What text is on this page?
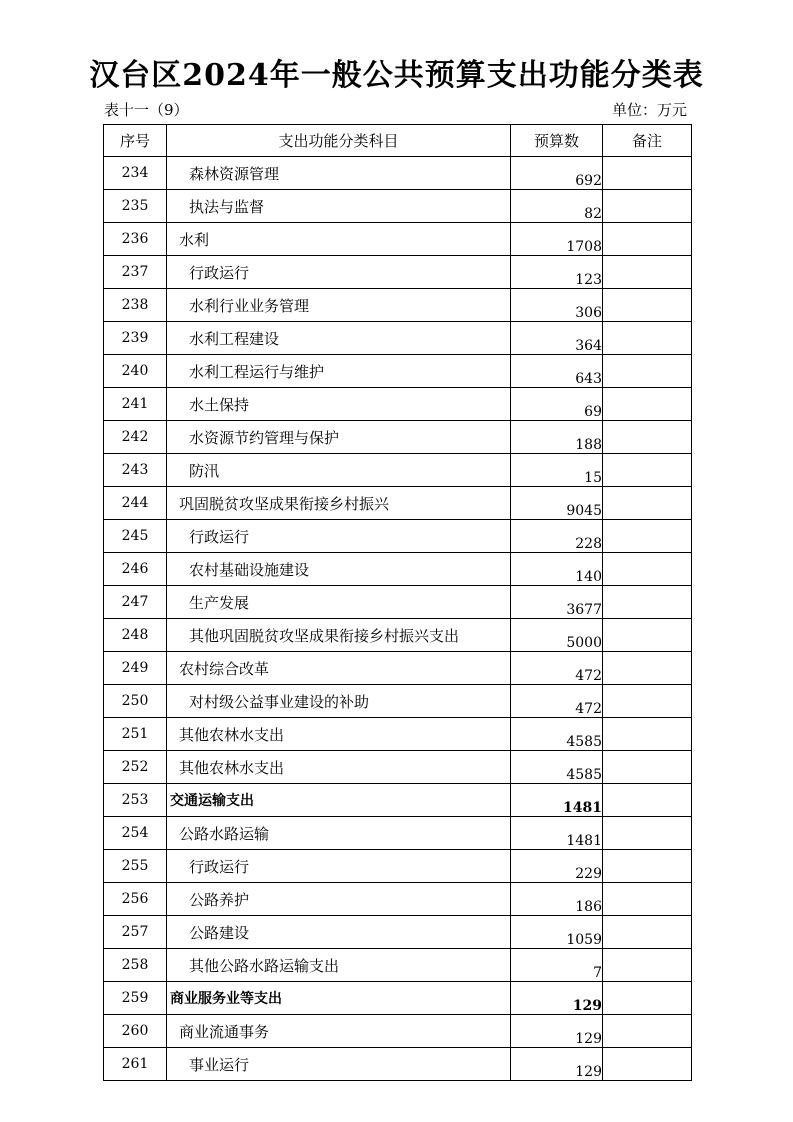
汉台区2024年一般公共预算支出功能分类表
表十一（9）	单位：万元
序号	支出功能分类科目	预算数	备注
234	森林资源管理	692	
235	执法与监督	82	
236	水利	1708	
237	行政运行	123	
238	水利行业业务管理	306	
239	水利工程建设	364	
240	水利工程运行与维护	643	
241	水土保持	69	
242	水资源节约管理与保护	188	
243	防汛	15	
244	巩固脱贫攻坚成果衔接乡村振兴	9045	
245	行政运行	228	
246	农村基础设施建设	140	
247	生产发展	3677	
248	其他巩固脱贫攻坚成果衔接乡村振兴支出	5000	
249	农村综合改革	472	
250	对村级公益事业建设的补助	472	
251	其他农林水支出	4585	
252	其他农林水支出	4585	
253	交通运输支出	1481	
254	公路水路运输	1481	
255	行政运行	229	
256	公路养护	186	
257	公路建设	1059	
258	其他公路水路运输支出	7	
259	商业服务业等支出	129	
260	商业流通事务	129	
261	事业运行	129	
